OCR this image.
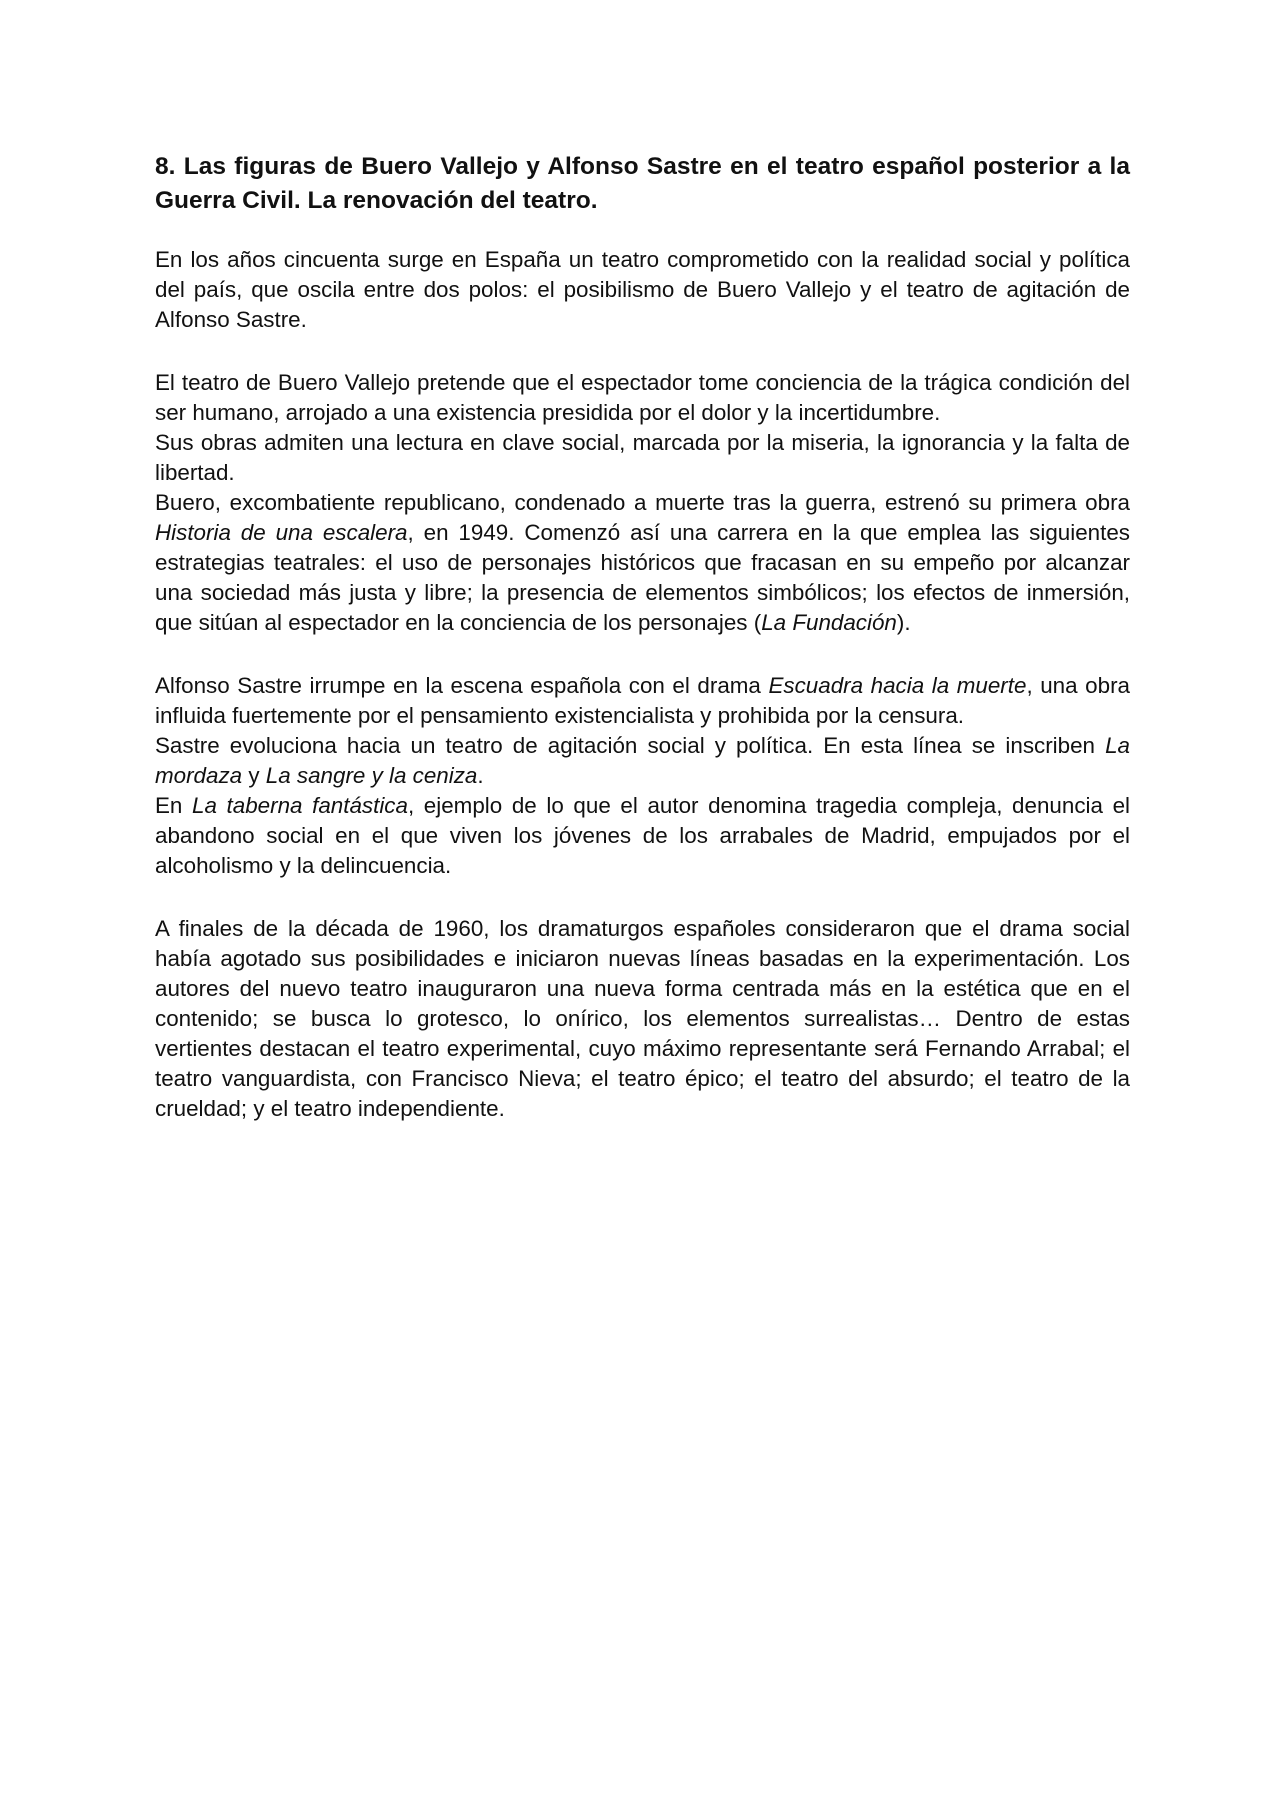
8. Las figuras de Buero Vallejo y Alfonso Sastre en el teatro español posterior a la Guerra Civil. La renovación del teatro.

En los años cincuenta surge en España un teatro comprometido con la realidad social y política del país, que oscila entre dos polos: el posibilismo de Buero Vallejo y el teatro de agitación de Alfonso Sastre.

El teatro de Buero Vallejo pretende que el espectador tome conciencia de la trágica condición del ser humano, arrojado a una existencia presidida por el dolor y la incertidumbre.

Sus obras admiten una lectura en clave social, marcada por la miseria, la ignorancia y la falta de libertad.

Buero, excombatiente republicano, condenado a muerte tras la guerra, estrenó su primera obra Historia de una escalera, en 1949. Comenzó así una carrera en la que emplea las siguientes estrategias teatrales: el uso de personajes históricos que fracasan en su empeño por alcanzar una sociedad más justa y libre; la presencia de elementos simbólicos; los efectos de inmersión, que sitúan al espectador en la conciencia de los personajes (La Fundación).

Alfonso Sastre irrumpe en la escena española con el drama Escuadra hacia la muerte, una obra influida fuertemente por el pensamiento existencialista y prohibida por la censura.

Sastre evoluciona hacia un teatro de agitación social y política. En esta línea se inscriben La mordaza y La sangre y la ceniza.

En La taberna fantástica, ejemplo de lo que el autor denomina tragedia compleja, denuncia el abandono social en el que viven los jóvenes de los arrabales de Madrid, empujados por el alcoholismo y la delincuencia.

A finales de la década de 1960, los dramaturgos españoles consideraron que el drama social había agotado sus posibilidades e iniciaron nuevas líneas basadas en la experimentación. Los autores del nuevo teatro inauguraron una nueva forma centrada más en la estética que en el contenido; se busca lo grotesco, lo onírico, los elementos surrealistas… Dentro de estas vertientes destacan el teatro experimental, cuyo máximo representante será Fernando Arrabal; el teatro vanguardista, con Francisco Nieva; el teatro épico; el teatro del absurdo; el teatro de la crueldad; y el teatro independiente.
